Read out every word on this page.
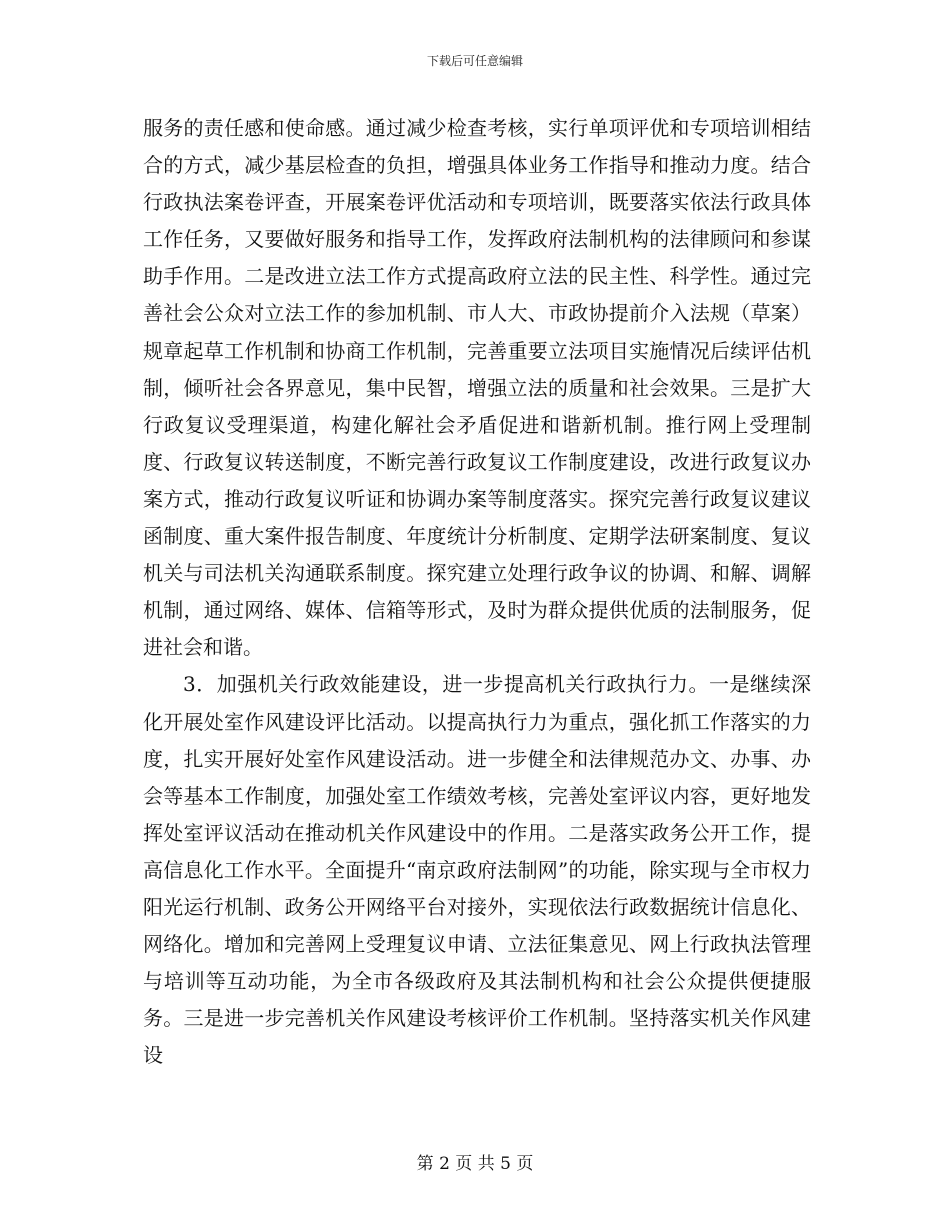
下载后可任意编辑

服务的责任感和使命感。通过减少检查考核，实行单项评优和专项培训相结合的方式，减少基层检查的负担，增强具体业务工作指导和推动力度。结合行政执法案卷评查，开展案卷评优活动和专项培训，既要落实依法行政具体工作任务，又要做好服务和指导工作，发挥政府法制机构的法律顾问和参谋助手作用。二是改进立法工作方式提高政府立法的民主性、科学性。通过完善社会公众对立法工作的参加机制、市人大、市政协提前介入法规（草案）规章起草工作机制和协商工作机制，完善重要立法项目实施情况后续评估机制，倾听社会各界意见，集中民智，增强立法的质量和社会效果。三是扩大行政复议受理渠道，构建化解社会矛盾促进和谐新机制。推行网上受理制度、行政复议转送制度，不断完善行政复议工作制度建设，改进行政复议办案方式，推动行政复议听证和协调办案等制度落实。探究完善行政复议建议函制度、重大案件报告制度、年度统计分析制度、定期学法研案制度、复议机关与司法机关沟通联系制度。探究建立处理行政争议的协调、和解、调解机制，通过网络、媒体、信箱等形式，及时为群众提供优质的法制服务，促进社会和谐。

3．加强机关行政效能建设，进一步提高机关行政执行力。一是继续深化开展处室作风建设评比活动。以提高执行力为重点，强化抓工作落实的力度，扎实开展好处室作风建设活动。进一步健全和法律规范办文、办事、办会等基本工作制度，加强处室工作绩效考核，完善处室评议内容，更好地发挥处室评议活动在推动机关作风建设中的作用。二是落实政务公开工作，提高信息化工作水平。全面提升“南京政府法制网”的功能，除实现与全市权力阳光运行机制、政务公开网络平台对接外，实现依法行政数据统计信息化、网络化。增加和完善网上受理复议申请、立法征集意见、网上行政执法管理与培训等互动功能，为全市各级政府及其法制机构和社会公众提供便捷服务。三是进一步完善机关作风建设考核评价工作机制。坚持落实机关作风建设

第 2 页 共 5 页
